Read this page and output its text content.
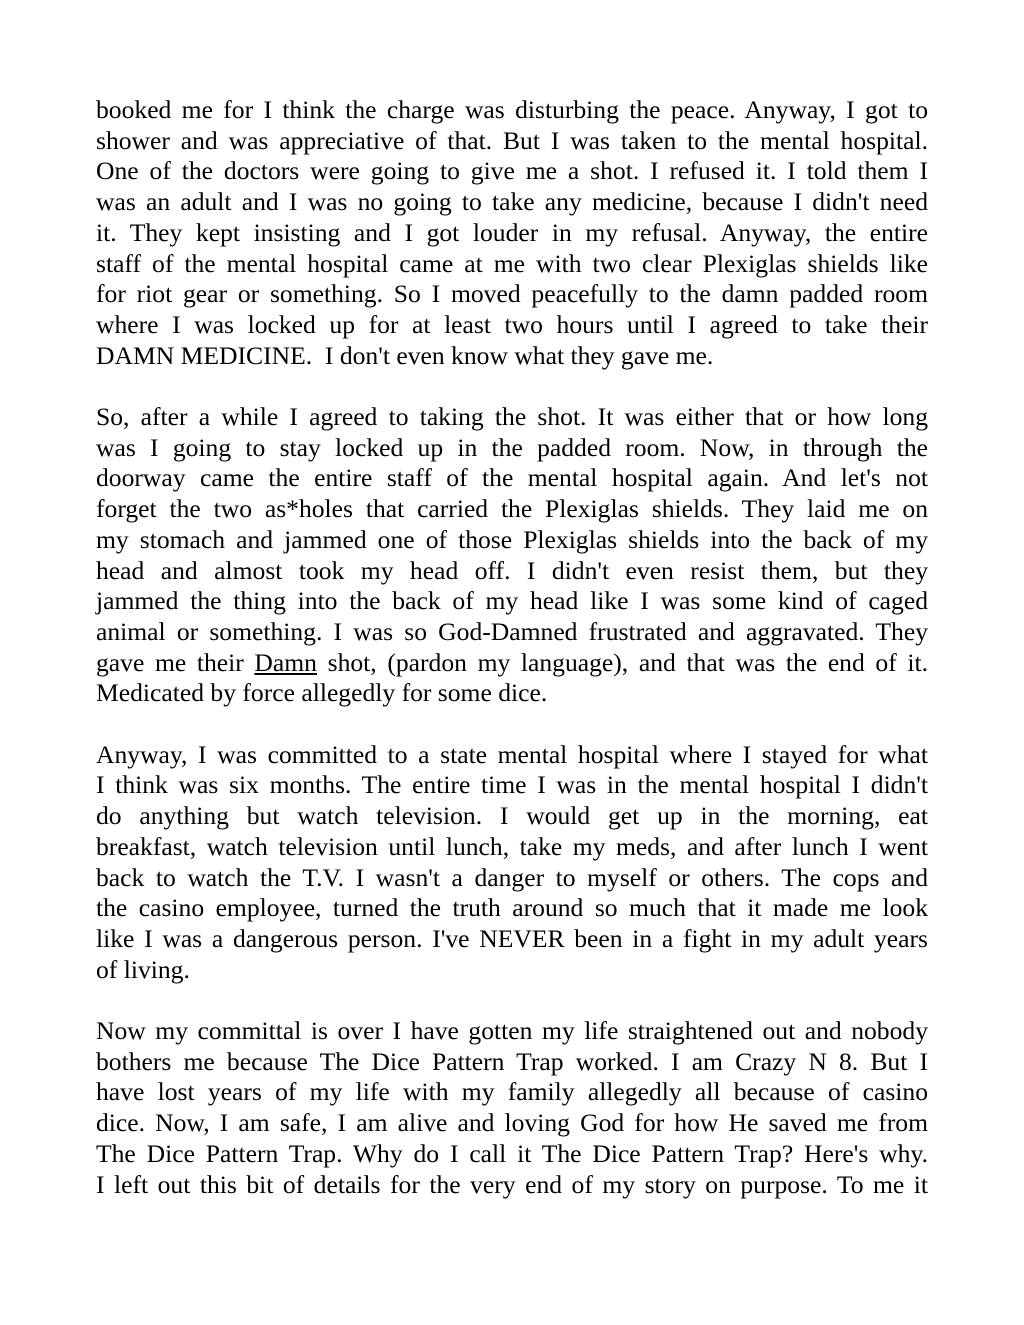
booked me for I think the charge was disturbing the peace. Anyway, I got to
shower and was appreciative of that. But I was taken to the mental hospital.
One of the doctors were going to give me a shot. I refused it. I told them I
was an adult and I was no going to take any medicine, because I didn't need
it. They kept insisting and I got louder in my refusal. Anyway, the entire
staff of the mental hospital came at me with two clear Plexiglas shields like
for riot gear or something. So I moved peacefully to the damn padded room
where I was locked up for at least two hours until I agreed to take their
DAMN MEDICINE.  I don't even know what they gave me.
So, after a while I agreed to taking the shot. It was either that or how long
was I going to stay locked up in the padded room. Now, in through the
doorway came the entire staff of the mental hospital again. And let's not
forget the two as*holes that carried the Plexiglas shields. They laid me on
my stomach and jammed one of those Plexiglas shields into the back of my
head and almost took my head off. I didn't even resist them, but they
jammed the thing into the back of my head like I was some kind of caged
animal or something. I was so God-Damned frustrated and aggravated. They
gave me their Damn shot, (pardon my language), and that was the end of it.
Medicated by force allegedly for some dice.
Anyway, I was committed to a state mental hospital where I stayed for what
I think was six months. The entire time I was in the mental hospital I didn't
do anything but watch television. I would get up in the morning, eat
breakfast, watch television until lunch, take my meds, and after lunch I went
back to watch the T.V. I wasn't a danger to myself or others. The cops and
the casino employee, turned the truth around so much that it made me look
like I was a dangerous person. I've NEVER been in a fight in my adult years
of living.
Now my committal is over I have gotten my life straightened out and nobody
bothers me because The Dice Pattern Trap worked. I am Crazy N 8. But I
have lost years of my life with my family allegedly all because of casino
dice. Now, I am safe, I am alive and loving God for how He saved me from
The Dice Pattern Trap. Why do I call it The Dice Pattern Trap? Here's why.
I left out this bit of details for the very end of my story on purpose. To me it
